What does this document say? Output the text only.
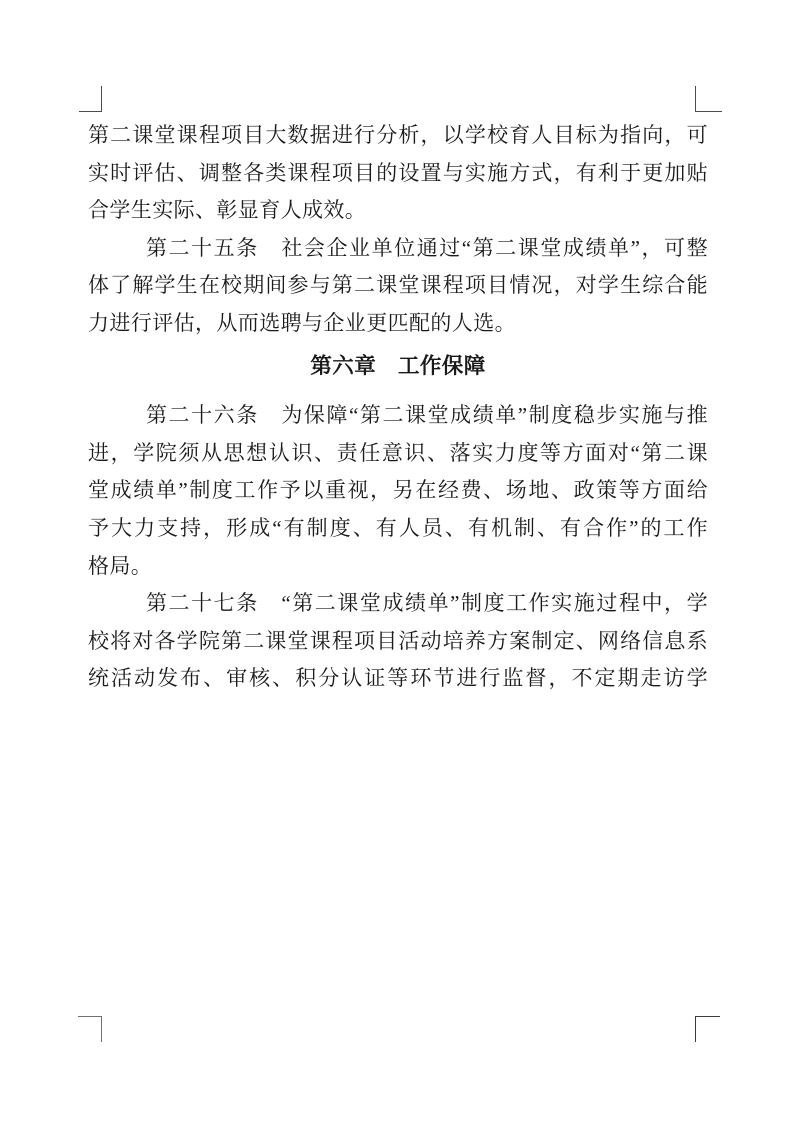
第二课堂课程项目大数据进行分析，以学校育人目标为指向，可
实时评估、调整各类课程项目的设置与实施方式，有利于更加贴
合学生实际、彰显育人成效。
第二十五条　社会企业单位通过“第二课堂成绩单”，可整
体了解学生在校期间参与第二课堂课程项目情况，对学生综合能
力进行评估，从而选聘与企业更匹配的人选。
第六章　工作保障
第二十六条　为保障“第二课堂成绩单”制度稳步实施与推
进，学院须从思想认识、责任意识、落实力度等方面对“第二课
堂成绩单”制度工作予以重视，另在经费、场地、政策等方面给
予大力支持，形成“有制度、有人员、有机制、有合作”的工作
格局。
第二十七条　“第二课堂成绩单”制度工作实施过程中，学
校将对各学院第二课堂课程项目活动培养方案制定、网络信息系
统活动发布、审核、积分认证等环节进行监督，不定期走访学
